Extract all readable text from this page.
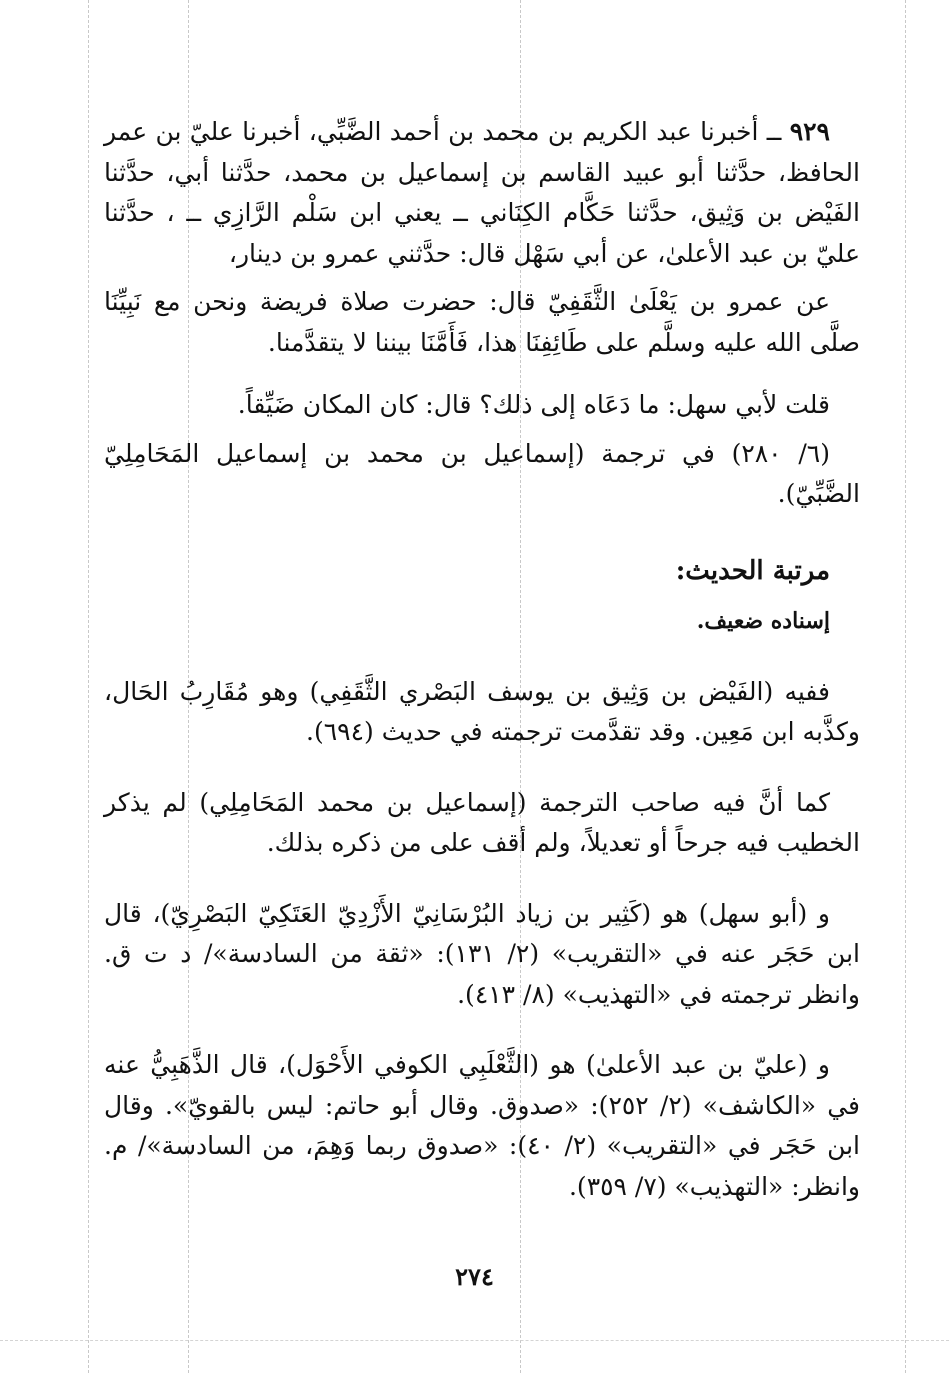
٩٢٩ ــ أخبرنا عبد الكريم بن محمد بن أحمد الضَّبِّي، أخبرنا عليّ بن عمر الحافظ، حدَّثنا أبو عبيد القاسم بن إسماعيل بن محمد، حدَّثنا أبي، حدَّثنا الفَيْض بن وَثِيق، حدَّثنا حَكَّام الكِنَاني ــ يعني ابن سَلْم الرَّازِي ــ ، حدَّثنا عليّ بن عبد الأعلىٰ، عن أبي سَهْل قال: حدَّثني عمرو بن دينار،

عن عمرو بن يَعْلَىٰ الثَّقَفِيّ قال: حضرت صلاة فريضة ونحن مع نَبِيِّنَا صلَّى الله عليه وسلَّم على طَائِفِنَا هذا، فَأَمَّنَا بيننا لا يتقدَّمنا.

قلت لأبي سهل: ما دَعَاه إلى ذلك؟ قال: كان المكان ضَيِّقاً.

(٦/ ٢٨٠) في ترجمة (إسماعيل بن محمد بن إسماعيل المَحَامِلِيّ الضَّبِّيّ).

مرتبة الحديث:
إسناده ضعيف.

ففيه (الفَيْض بن وَثِيق بن يوسف البَصْري الثَّقَفِي) وهو مُقَارِبُ الحَال، وكذَّبه ابن مَعِين. وقد تقدَّمت ترجمته في حديث (٦٩٤).

كما أنَّ فيه صاحب الترجمة (إسماعيل بن محمد المَحَامِلِي) لم يذكر الخطيب فيه جرحاً أو تعديلاً، ولم أقف على من ذكره بذلك.

و (أبو سهل) هو (كَثِير بن زياد البُرْسَانِيّ الأَزْدِيّ العَتَكِيّ البَصْرِيّ)، قال ابن حَجَر عنه في «التقريب» (٢/ ١٣١): «ثقة من السادسة»/ د ت ق. وانظر ترجمته في «التهذيب» (٨/ ٤١٣).

و (عليّ بن عبد الأعلىٰ) هو (الثَّعْلَبِي الكوفي الأَحْوَل)، قال الذَّهَبِيُّ عنه في «الكاشف» (٢/ ٢٥٢): «صدوق. وقال أبو حاتم: ليس بالقويّ». وقال ابن حَجَر في «التقريب» (٢/ ٤٠): «صدوق ربما وَهِمَ، من السادسة»/ م. وانظر: «التهذيب» (٧/ ٣٥٩).

٢٧٤
